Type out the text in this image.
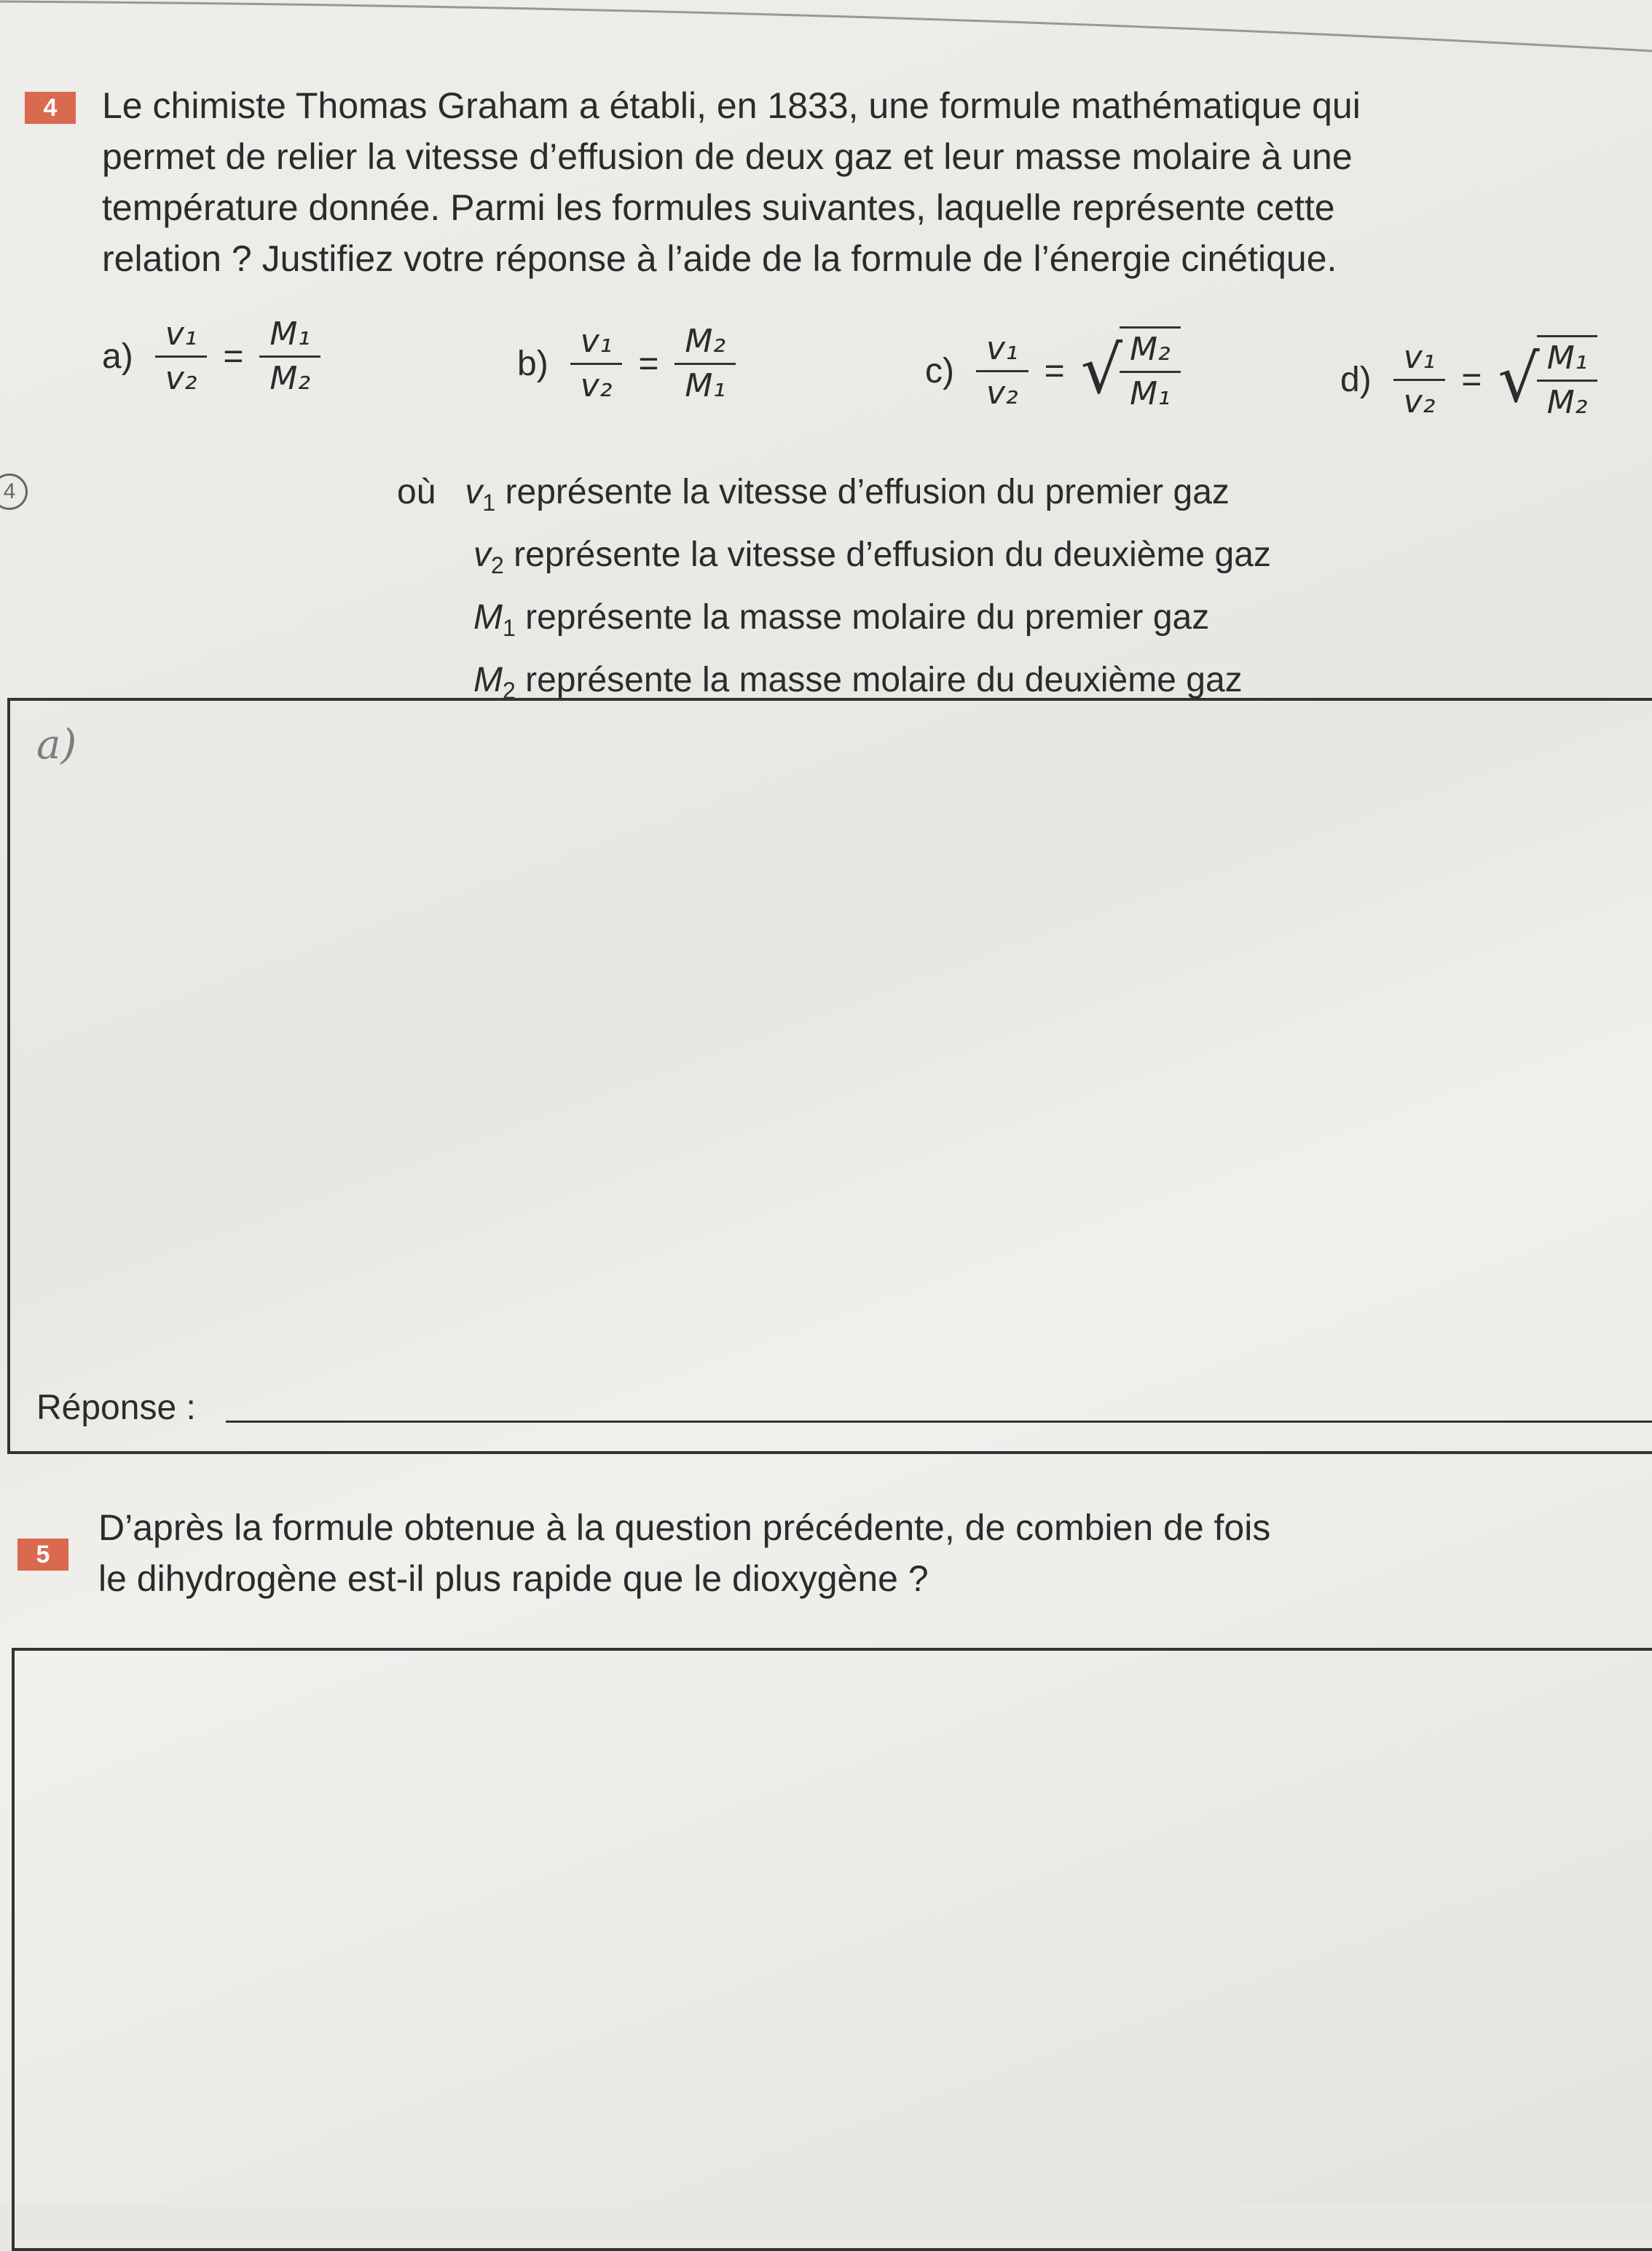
4 Le chimiste Thomas Graham a établi, en 1833, une formule mathématique qui
permet de relier la vitesse d’effusion de deux gaz et leur masse molaire à une
température donnée. Parmi les formules suivantes, laquelle représente cette
relation ? Justifiez votre réponse à l’aide de la formule de l’énergie cinétique.
$a) \frac{\text{v₁}}{\text{v₂}} = \frac{\text{M₁}}{\text{M₂}}$	$b) \frac{\text{v₁}}{\text{v₂}} = \frac{\text{M₂}}{\text{M₁}}$	$c) \frac{\text{v₁}}{\text{v₂}}$ = √
$\frac{\text{M₂}}{\text{M₁}}$	$d) \frac{\text{v₁}}{\text{v₂}}$ = √
$\frac{\text{M₁}}{\text{M₂}}$
4	où $v_1$ représente la vitesse d’effusion du premier gaz
$v_2$ représente la vitesse d’effusion du deuxième gaz
$M_1$ représente la masse molaire du premier gaz
$M_2$ représente la masse molaire du deuxième gaz
a)
Réponse :
5
D’après la formule obtenue à la question précédente, de combien de fois
le dihydrogène est-il plus rapide que le dioxygène ?
